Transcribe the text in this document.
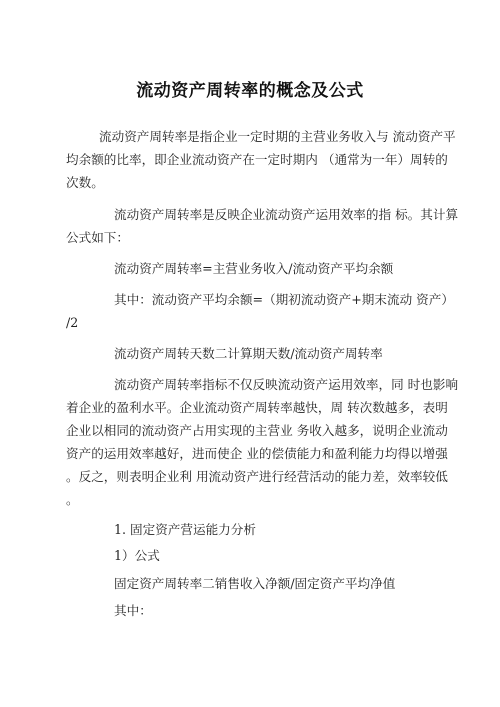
流动资产周转率的概念及公式
流动资产周转率是指企业一定时期的主营业务收入与 流动资产平
均余额的比率，即企业流动资产在一定时期内 （通常为一年）周转的
次数。
流动资产周转率是反映企业流动资产运用效率的指 标。其计算
公式如下：
流动资产周转率=主营业务收入/流动资产平均余额
其中：流动资产平均余额=（期初流动资产+期末流动 资产）
/2
流动资产周转天数二计算期天数/流动资产周转率
流动资产周转率指标不仅反映流动资产运用效率，同 时也影响
着企业的盈利水平。企业流动资产周转率越快，周 转次数越多，表明
企业以相同的流动资产占用实现的主营业 务收入越多，说明企业流动
资产的运用效率越好，进而使企 业的偿债能力和盈利能力均得以增强
。反之，则表明企业利 用流动资产进行经营活动的能力差，效率较低
。
1. 固定资产营运能力分析
1）公式
固定资产周转率二销售收入净额/固定资产平均净值
其中：
